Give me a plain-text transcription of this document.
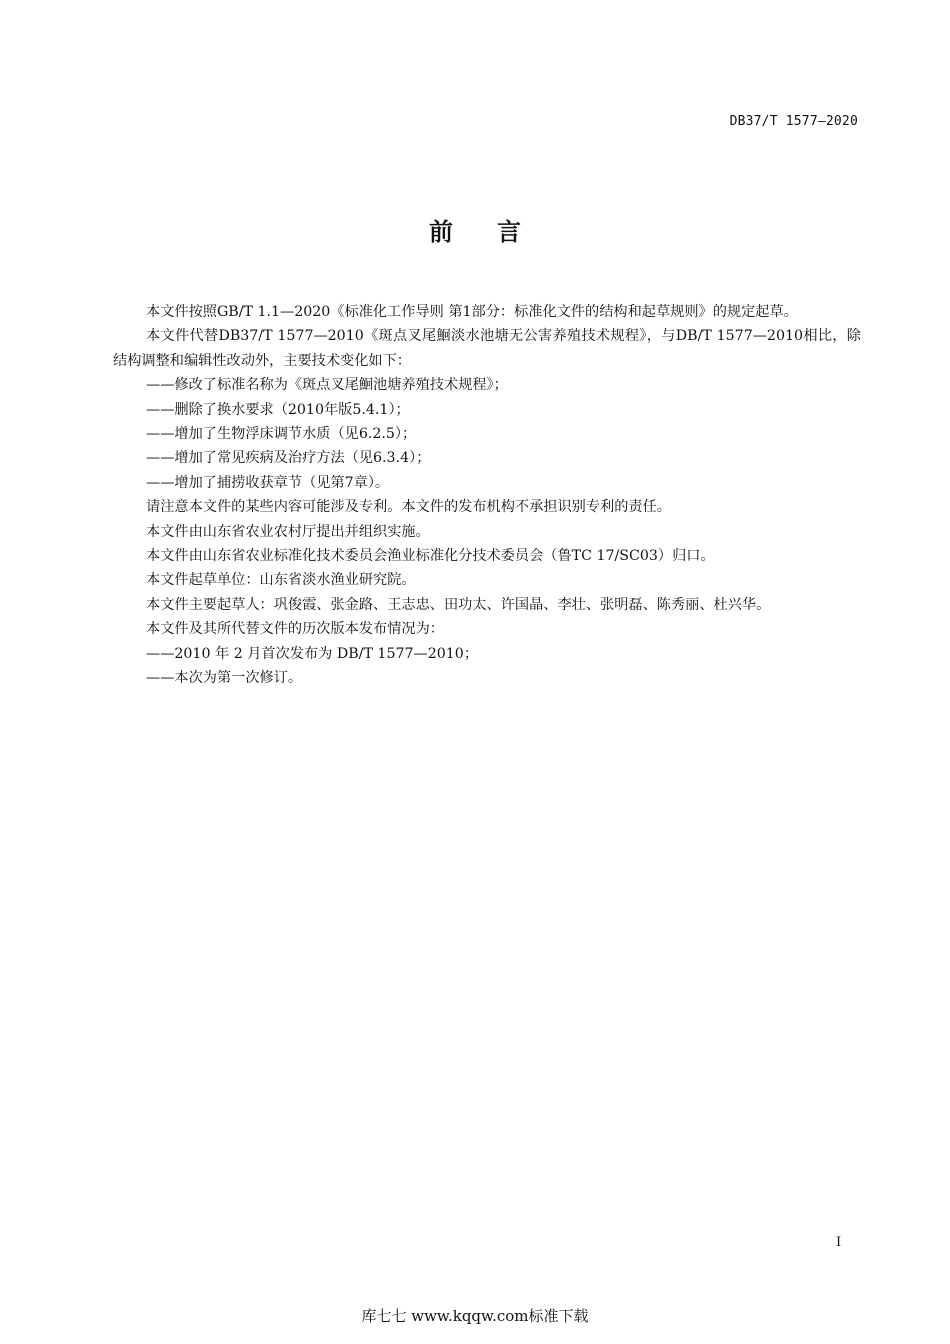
DB37/T 1577—2020
前言

本文件按照GB/T 1.1—2020《标准化工作导则 第1部分：标准化文件的结构和起草规则》的规定起草。

本文件代替DB37/T 1577—2010《斑点叉尾鮰淡水池塘无公害养殖技术规程》，与DB/T 1577—2010相比，除结构调整和编辑性改动外，主要技术变化如下：

——修改了标准名称为《斑点叉尾鮰池塘养殖技术规程》；

——删除了换水要求（2010年版5.4.1）；

——增加了生物浮床调节水质（见6.2.5）；

——增加了常见疾病及治疗方法（见6.3.4）；

——增加了捕捞收获章节（见第7章）。

请注意本文件的某些内容可能涉及专利。本文件的发布机构不承担识别专利的责任。

本文件由山东省农业农村厅提出并组织实施。

本文件由山东省农业标准化技术委员会渔业标准化分技术委员会（鲁TC 17/SC03）归口。

本文件起草单位：山东省淡水渔业研究院。

本文件主要起草人：巩俊霞、张金路、王志忠、田功太、许国晶、李壮、张明磊、陈秀丽、杜兴华。

本文件及其所代替文件的历次版本发布情况为：

——2010 年 2 月首次发布为 DB/T 1577—2010；

——本次为第一次修订。

I
库七七 www.kqqw.com标准下载
